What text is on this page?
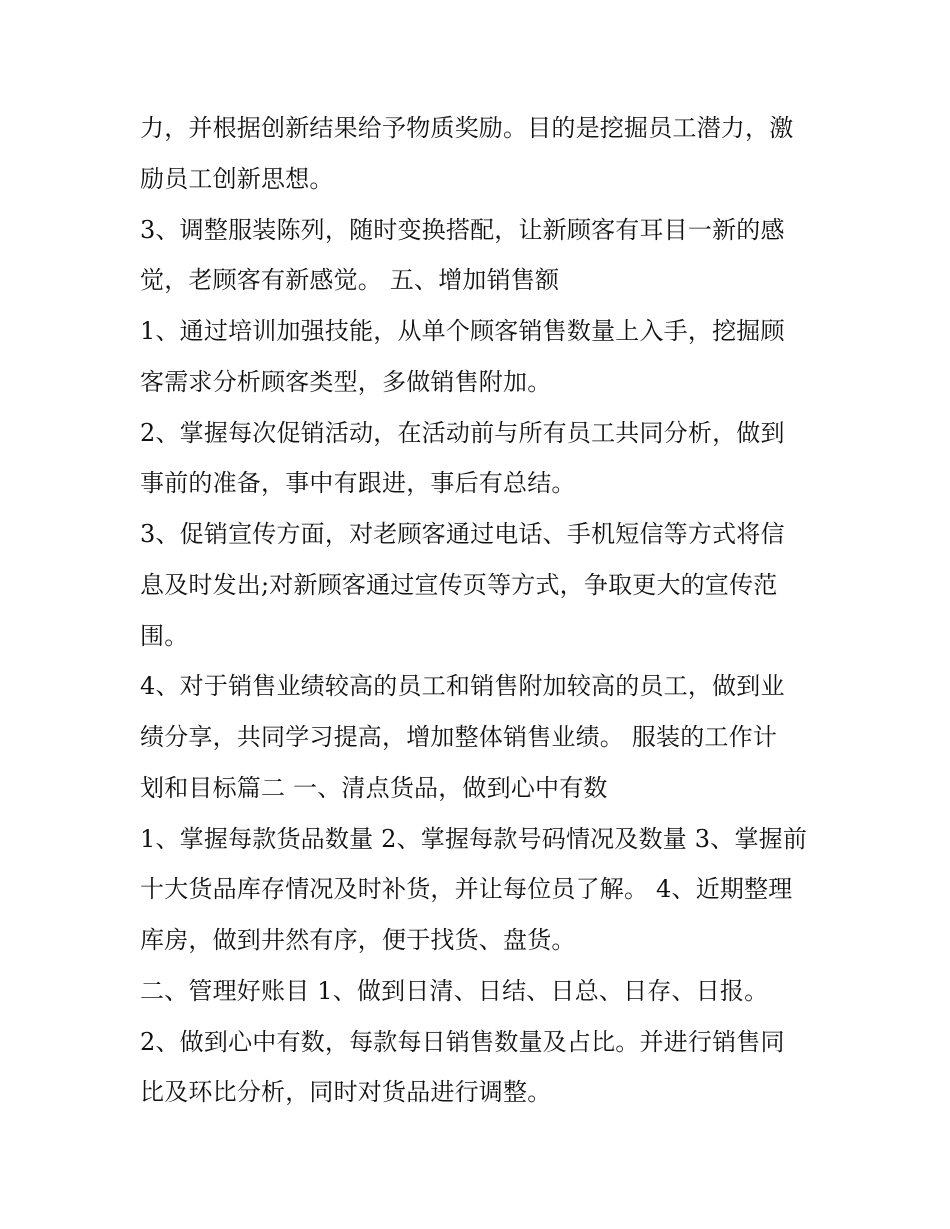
力，并根据创新结果给予物质奖励。目的是挖掘员工潜力，激
励员工创新思想。
3、调整服装陈列，随时变换搭配，让新顾客有耳目一新的感
觉，老顾客有新感觉。 五、增加销售额
1、通过培训加强技能，从单个顾客销售数量上入手，挖掘顾
客需求分析顾客类型，多做销售附加。
2、掌握每次促销活动，在活动前与所有员工共同分析，做到
事前的准备，事中有跟进，事后有总结。
3、促销宣传方面，对老顾客通过电话、手机短信等方式将信
息及时发出;对新顾客通过宣传页等方式，争取更大的宣传范
围。
4、对于销售业绩较高的员工和销售附加较高的员工，做到业
绩分享，共同学习提高，增加整体销售业绩。 服装的工作计
划和目标篇二 一、清点货品，做到心中有数
1、掌握每款货品数量 2、掌握每款号码情况及数量 3、掌握前
十大货品库存情况及时补货，并让每位员了解。 4、近期整理
库房，做到井然有序，便于找货、盘货。
二、管理好账目 1、做到日清、日结、日总、日存、日报。
2、做到心中有数，每款每日销售数量及占比。并进行销售同
比及环比分析，同时对货品进行调整。
